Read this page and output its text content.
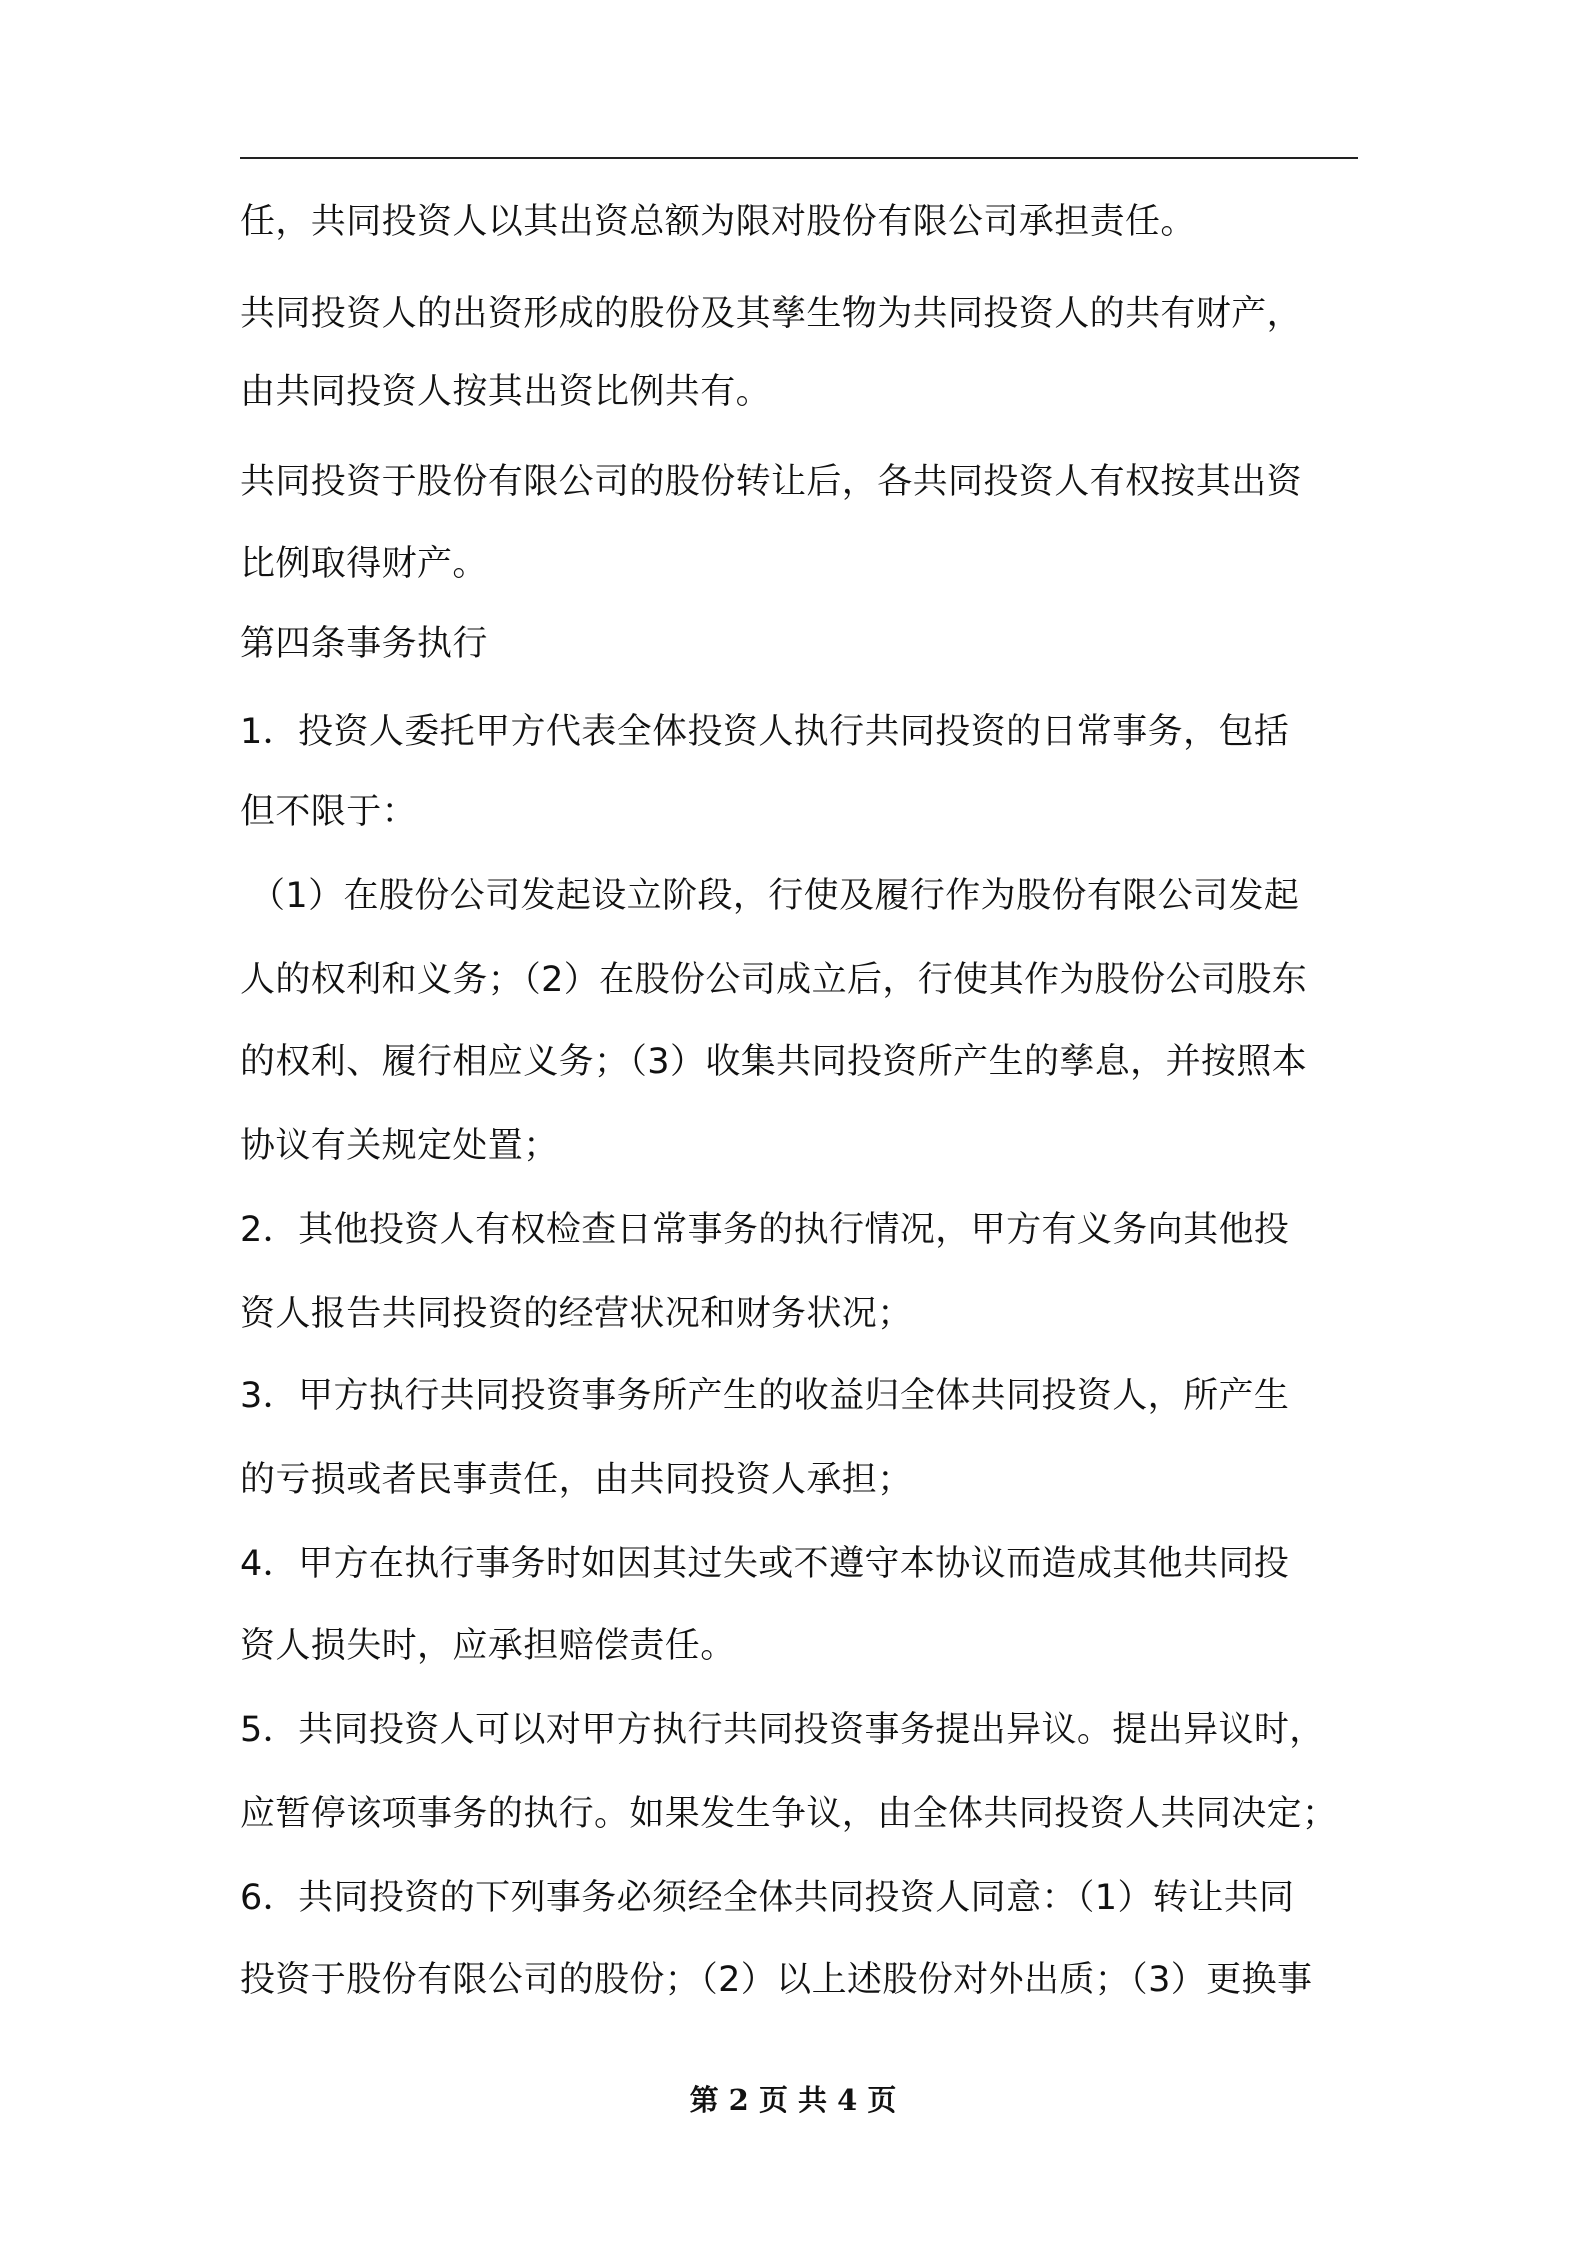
任，共同投资人以其出资总额为限对股份有限公司承担责任。
共同投资人的出资形成的股份及其孳生物为共同投资人的共有财产，
由共同投资人按其出资比例共有。
共同投资于股份有限公司的股份转让后，各共同投资人有权按其出资
比例取得财产。
第四条事务执行
1．投资人委托甲方代表全体投资人执行共同投资的日常事务，包括
但不限于：
（1）在股份公司发起设立阶段，行使及履行作为股份有限公司发起
人的权利和义务；（2）在股份公司成立后，行使其作为股份公司股东
的权利、履行相应义务；（3）收集共同投资所产生的孳息，并按照本
协议有关规定处置；
2．其他投资人有权检查日常事务的执行情况，甲方有义务向其他投
资人报告共同投资的经营状况和财务状况；
3．甲方执行共同投资事务所产生的收益归全体共同投资人，所产生
的亏损或者民事责任，由共同投资人承担；
4．甲方在执行事务时如因其过失或不遵守本协议而造成其他共同投
资人损失时，应承担赔偿责任。
5．共同投资人可以对甲方执行共同投资事务提出异议。提出异议时，
应暂停该项事务的执行。如果发生争议，由全体共同投资人共同决定；
6．共同投资的下列事务必须经全体共同投资人同意：（1）转让共同
投资于股份有限公司的股份；（2）以上述股份对外出质；（3）更换事
第 2 页 共 4 页
